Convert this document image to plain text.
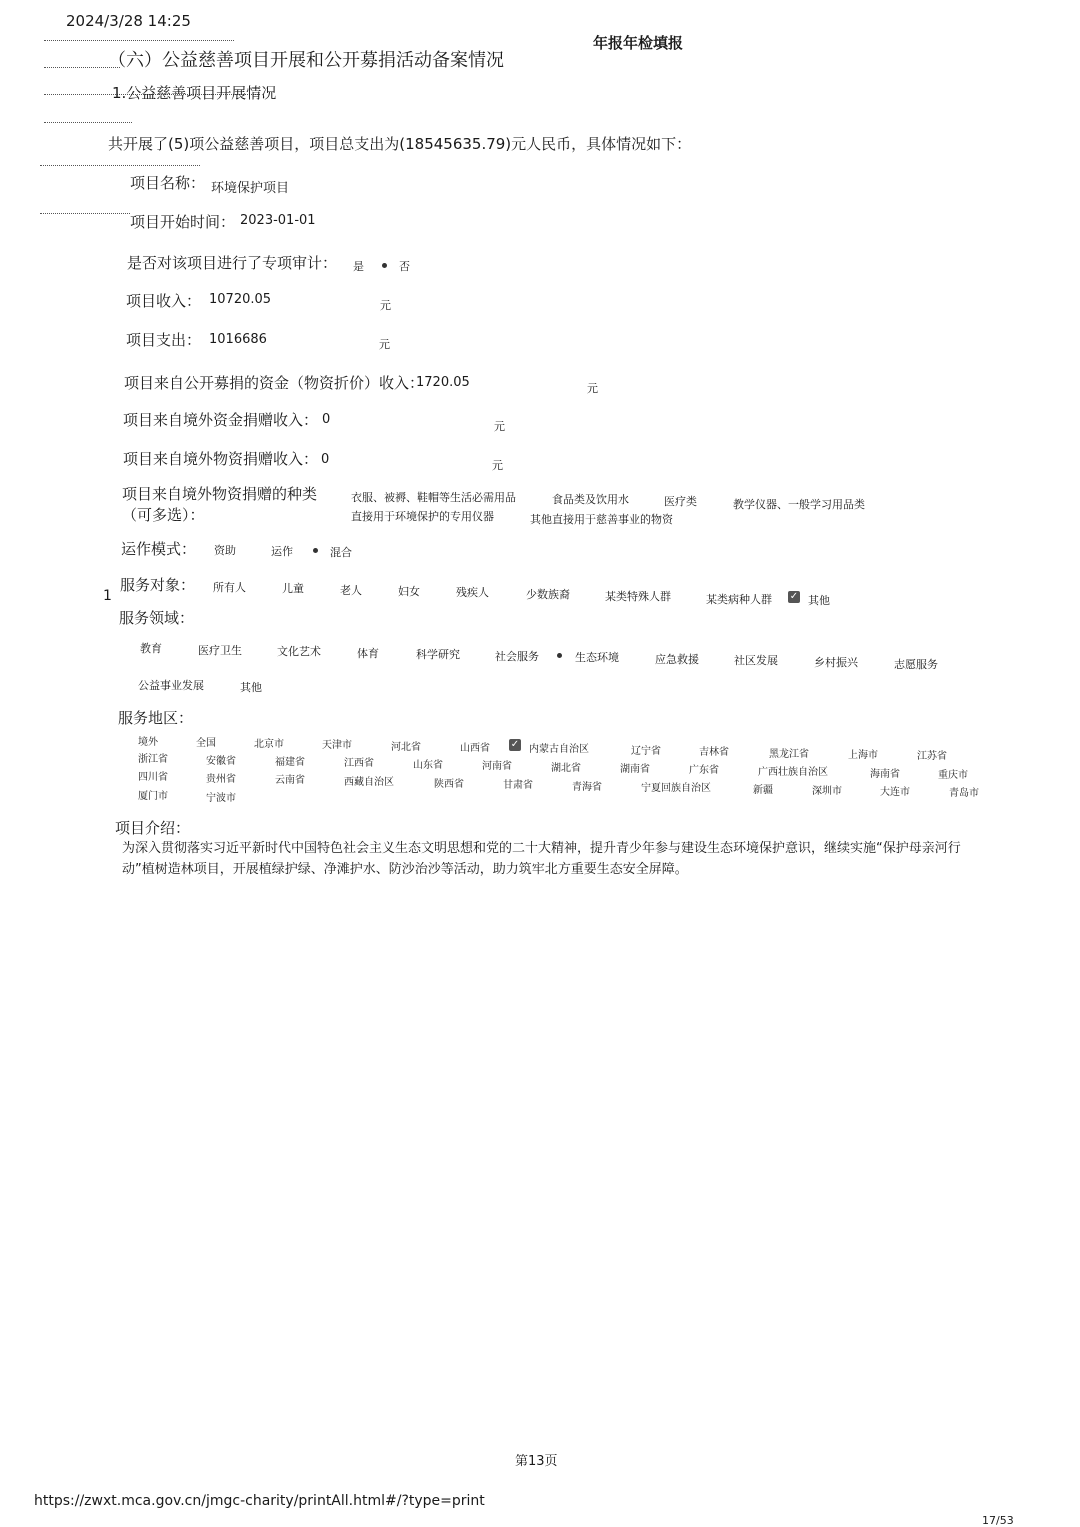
2024/3/28 14:25
年报年检填报
（六）公益慈善项目开展和公开募捐活动备案情况
1.公益慈善项目开展情况
共开展了(5)项公益慈善项目，项目总支出为(18545635.79)元人民币，具体情况如下：
项目名称： 环境保护项目
项目开始时间： 2023-01-01
是否对该项目进行了专项审计： 是	否
项目收入： 10720.05	元
项目支出： 1016686	元
项目来自公开募捐的资金（物资折价）收入：
1720.05	元
项目来自境外资金捐赠收入： 0	元
项目来自境外物资捐赠收入： 0	元
项目来自境外物资捐赠的种类
（可多选）：
衣服、被褥、鞋帽等生活必需用品	食品类及饮用水	医疗类	教学仪器、一般学习用品类
直接用于环境保护的专用仪器	其他直接用于慈善事业的物资
运作模式： 资助	运作	混合
1
服务对象： 所有人	儿童	老人	妇女	残疾人	少数族裔	某类特殊人群	某类病种人群 ✓ 其他
服务领域：
教育	医疗卫生	文化艺术	体育	科学研究	社会服务	生态环境	应急救援	社区发展	乡村振兴	志愿服务
公益事业发展	其他
服务地区：
境外	全国	北京市	天津市	河北省	山西省 ✓ 内蒙古自治区	辽宁省	吉林省	黑龙江省	上海市	江苏省
浙江省	安徽省	福建省	江西省	山东省	河南省	湖北省	湖南省	广东省	广西壮族自治区	海南省	重庆市
四川省	贵州省	云南省	西藏自治区	陕西省	甘肃省	青海省	宁夏回族自治区	新疆	深圳市	大连市	青岛市
厦门市	宁波市
项目介绍：
为深入贯彻落实习近平新时代中国特色社会主义生态文明思想和党的二十大精神，提升青少年参与建设生态环境保护意识，继续实施“保护母亲河行动”植树造林项目，开展植绿护绿、净滩护水、防沙治沙等活动，助力筑牢北方重要生态安全屏障。
第13页
https://zwxt.mca.gov.cn/jmgc-charity/printAll.html#/?type=print
17/53
